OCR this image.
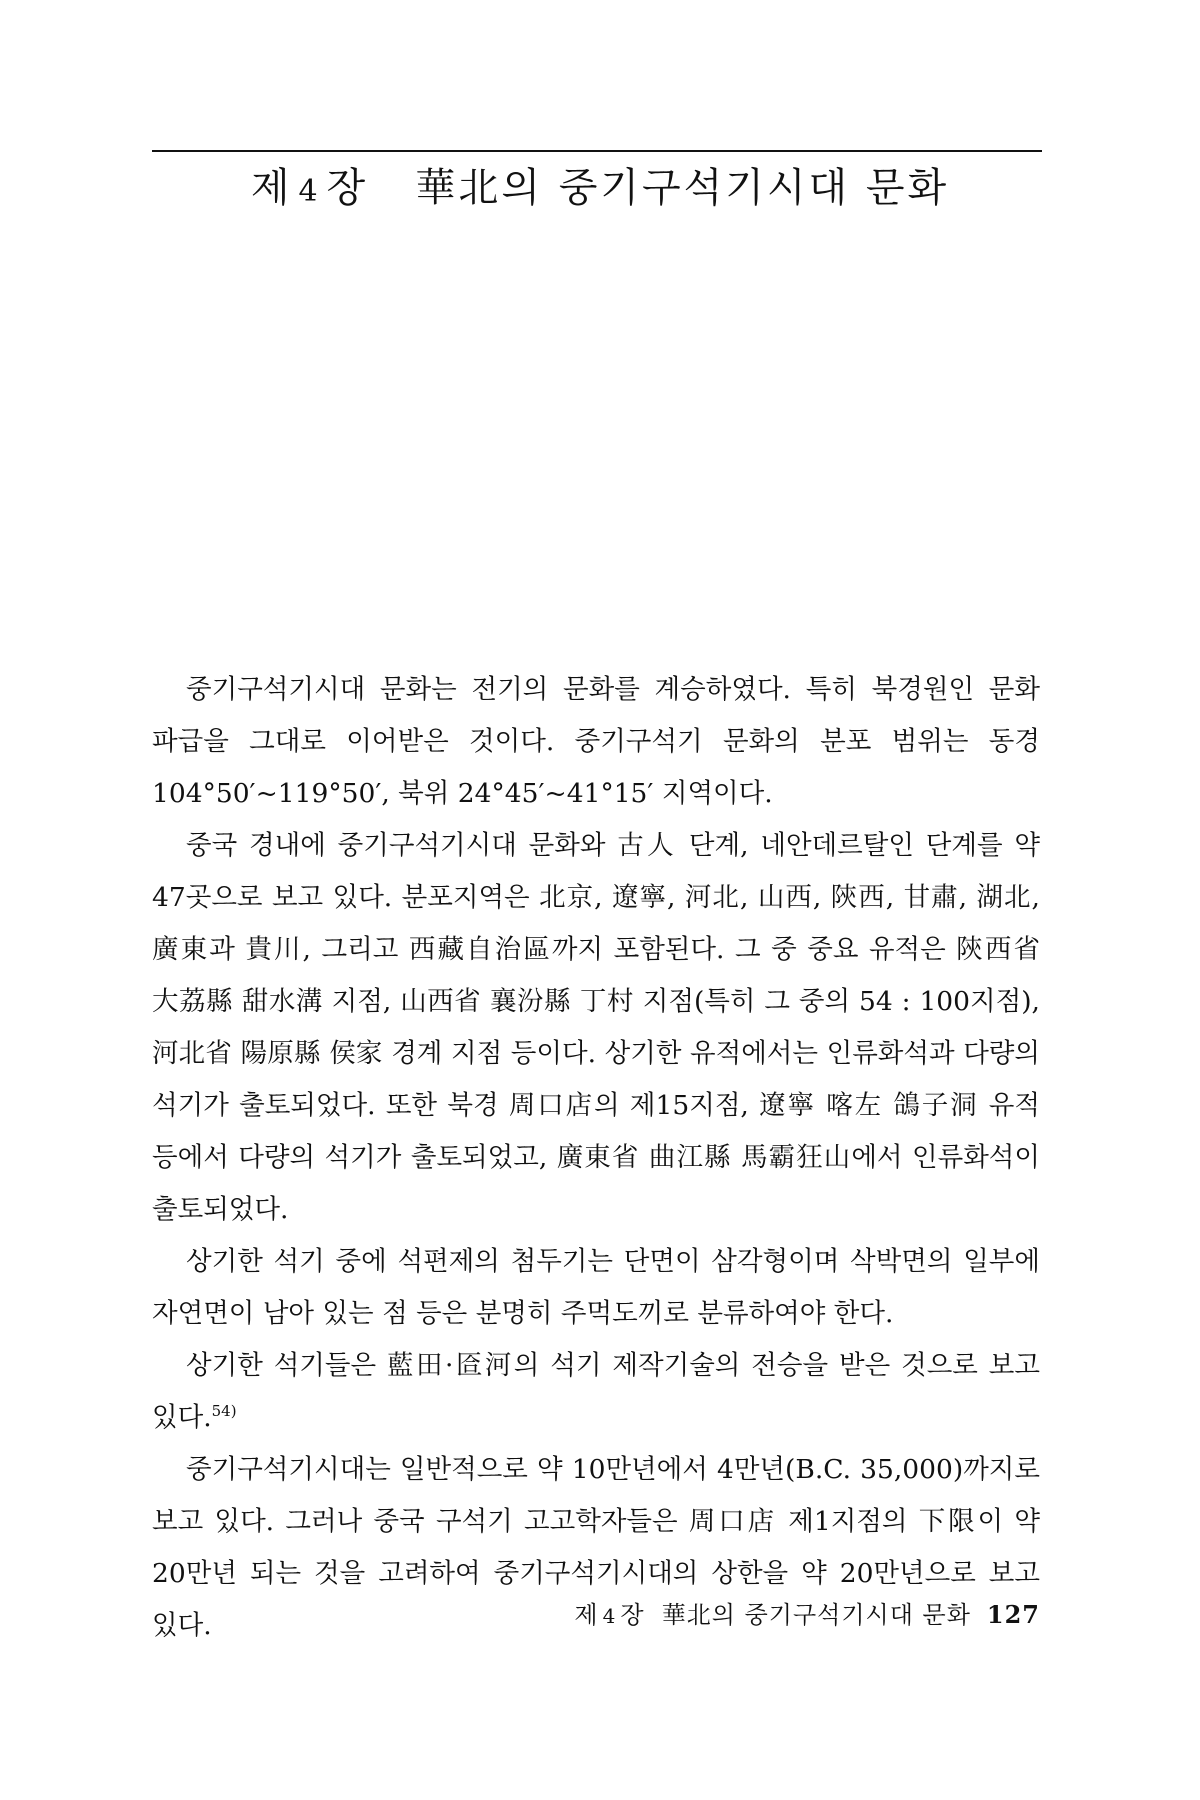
제 4 장 華北의 중기구석기시대 문화

중기구석기시대 문화는 전기의 문화를 계승하였다. 특히 북경원인 문화 파급을 그대로 이어받은 것이다. 중기구석기 문화의 분포 범위는 동경 104°50′~119°50′, 북위 24°45′~41°15′ 지역이다.

중국 경내에 중기구석기시대 문화와 古人 단계, 네안데르탈인 단계를 약 47곳으로 보고 있다. 분포지역은 北京, 遼寧, 河北, 山西, 陝西, 甘肅, 湖北, 廣東과 貴川, 그리고 西藏自治區까지 포함된다. 그 중 중요 유적은 陝西省 大荔縣 甜水溝 지점, 山西省 襄汾縣 丁村 지점(특히 그 중의 54 : 100지점), 河北省 陽原縣 侯家 경계 지점 등이다. 상기한 유적에서는 인류화석과 다량의 석기가 출토되었다. 또한 북경 周口店의 제15지점, 遼寧 喀左 鴿子洞 유적 등에서 다량의 석기가 출토되었고, 廣東省 曲江縣 馬霸狂山에서 인류화석이 출토되었다.

상기한 석기 중에 석편제의 첨두기는 단면이 삼각형이며 삭박면의 일부에 자연면이 남아 있는 점 등은 분명히 주먹도끼로 분류하여야 한다.

상기한 석기들은 藍田·匼河의 석기 제작기술의 전승을 받은 것으로 보고 있다.$^{54)}$

중기구석기시대는 일반적으로 약 10만년에서 4만년(B.C. 35,000)까지로 보고 있다. 그러나 중국 구석기 고고학자들은 周口店 제1지점의 下限이 약 20만년 되는 것을 고려하여 중기구석기시대의 상한을 약 20만년으로 보고 있다.	제 4 장 華北의 중기구석기시대 문화 127
